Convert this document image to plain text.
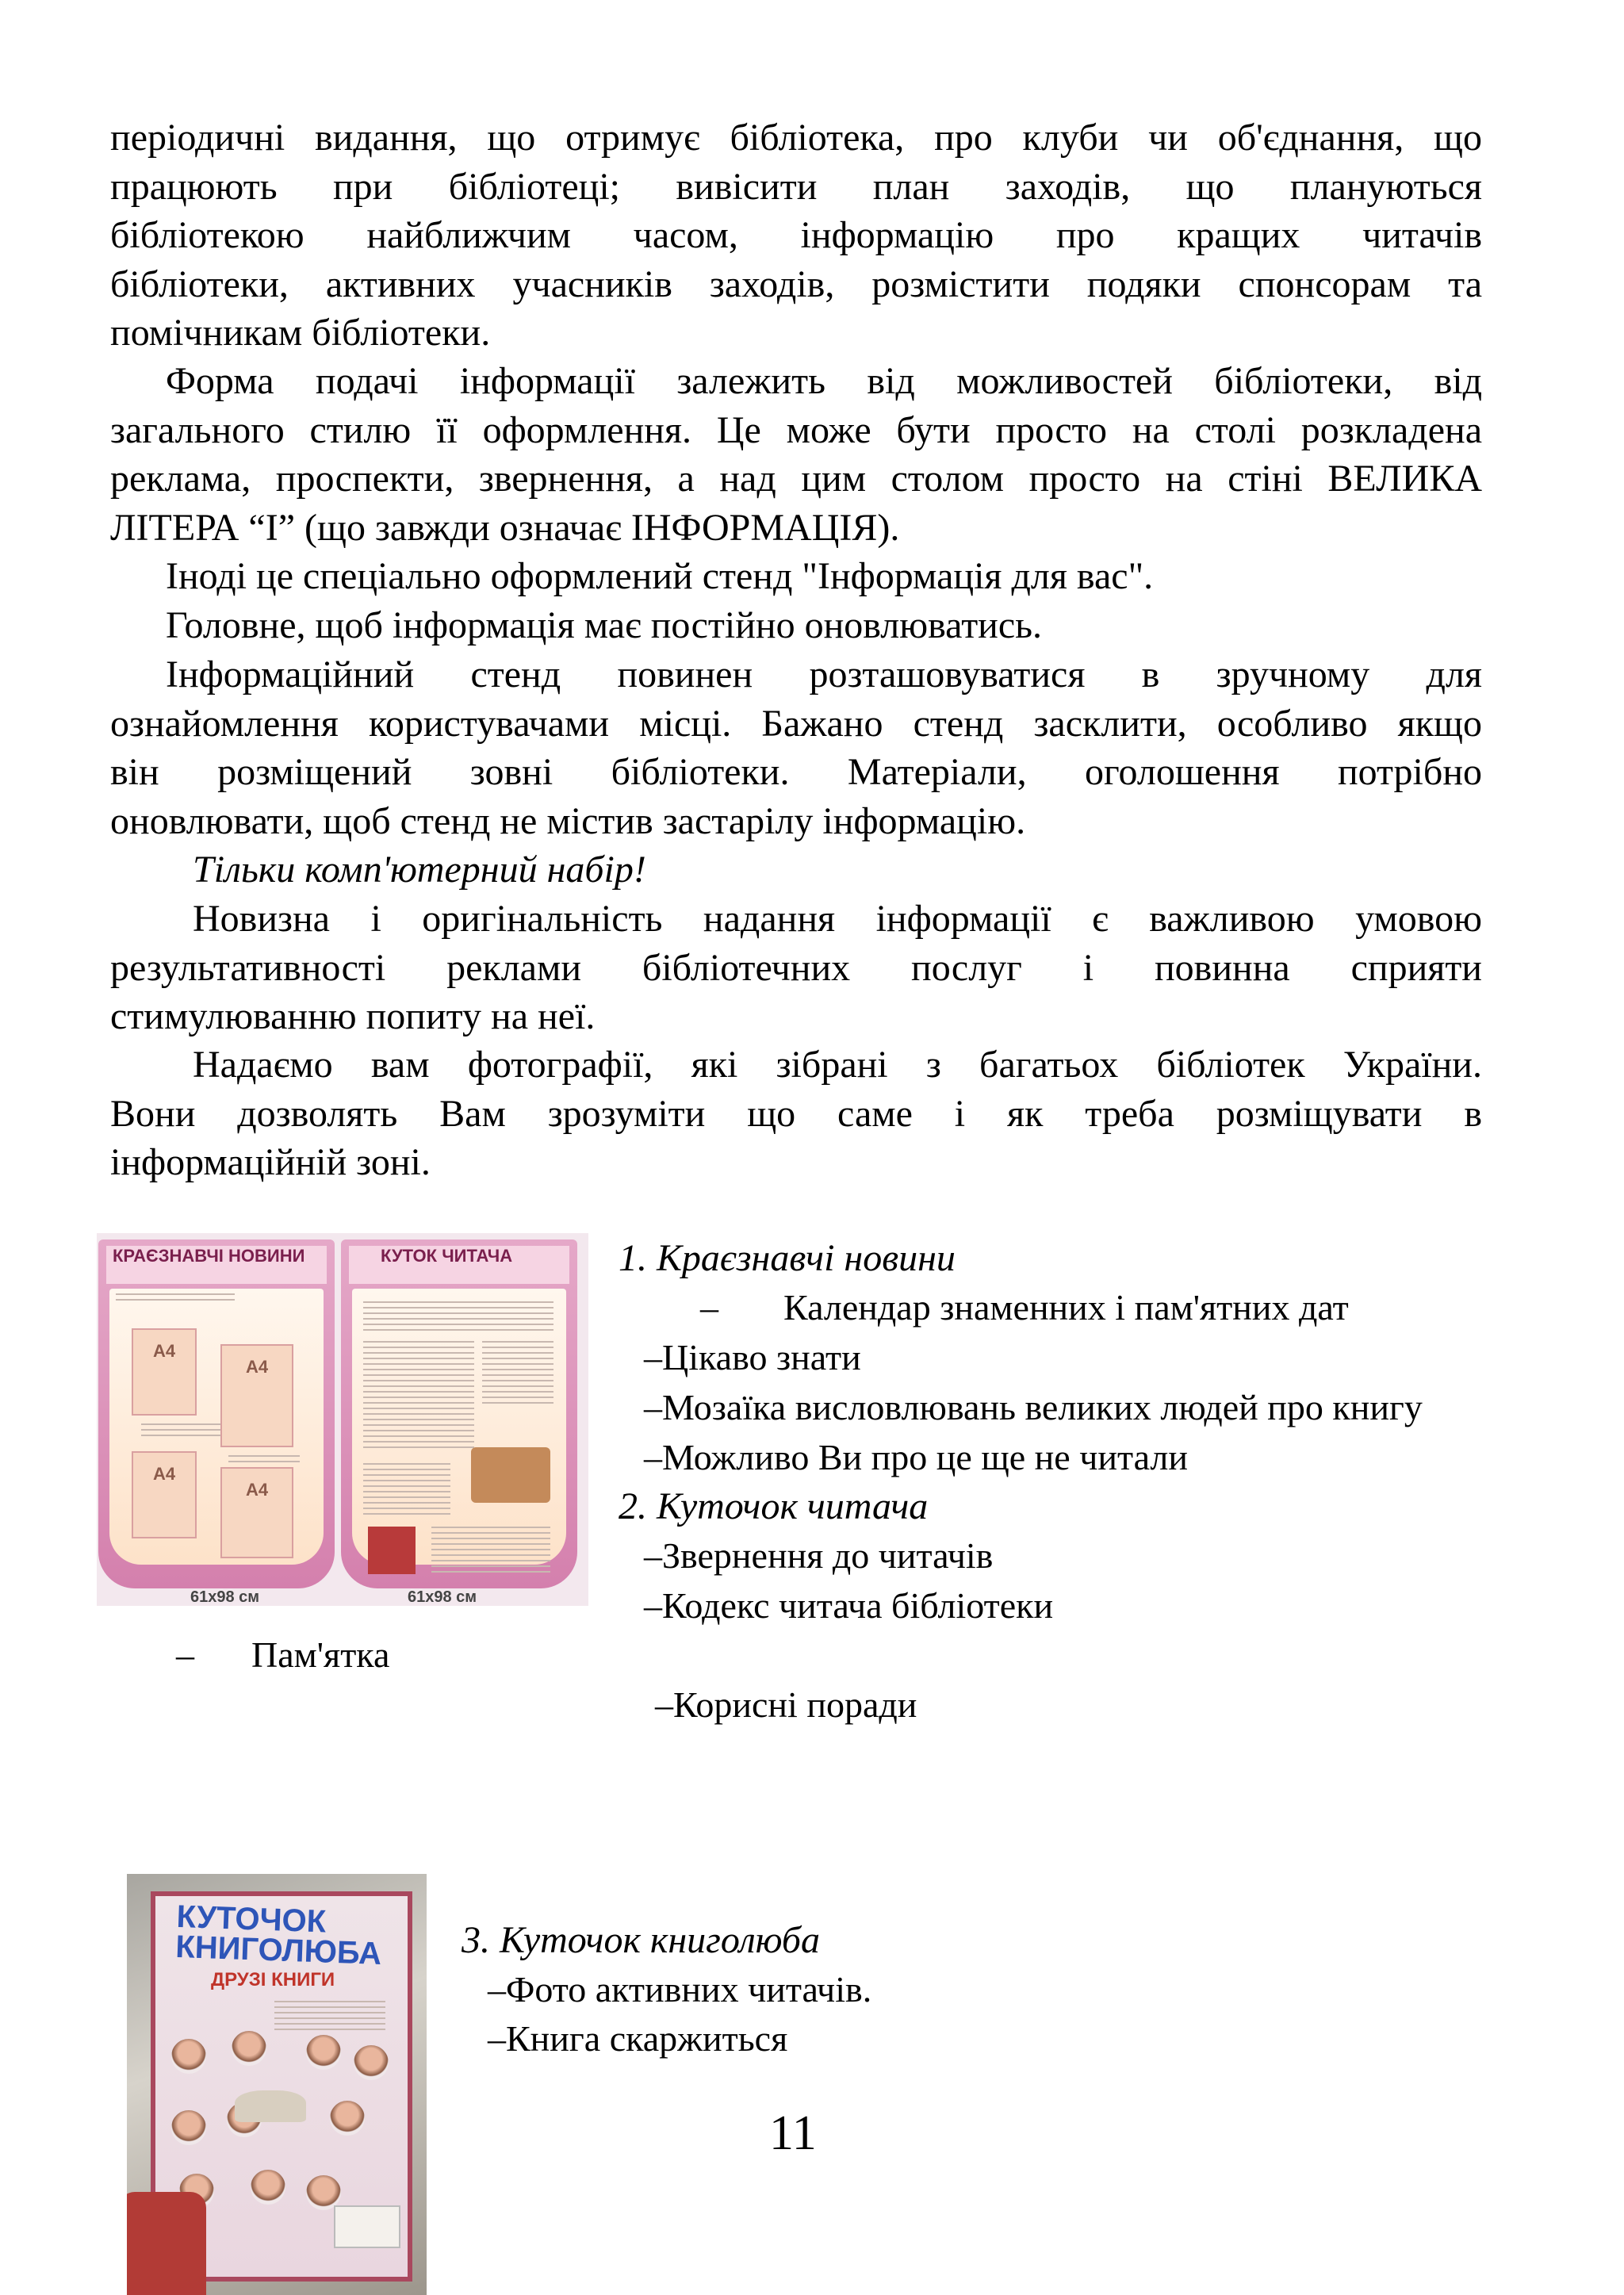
періодичні видання, що отримує бібліотека, про клуби чи об'єднання, що
працюють при бібліотеці; вивісити план заходів, що плануються
бібліотекою найближчим часом, інформацію про кращих читачів
бібліотеки, активних учасників заходів, розмістити подяки спонсорам та
помічникам бібліотеки.
Форма подачі інформації залежить від можливостей бібліотеки, від
загального стилю її оформлення. Це може бути просто на столі розкладена
реклама, проспекти, звернення, а над цим столом просто на стіні ВЕЛИКА
ЛІТЕРА “І” (що завжди означає ІНФОРМАЦІЯ).
Іноді це спеціально оформлений стенд "Інформація для вас".
Головне, щоб інформація має постійно оновлюватись.
Інформаційний стенд повинен розташовуватися в зручному для
ознайомлення користувачами місці. Бажано стенд засклити, особливо якщо
він розміщений зовні бібліотеки. Матеріали, оголошення потрібно
оновлювати, щоб стенд не містив застарілу інформацію.
Тільки комп'ютерний набір!
Новизна і оригінальність надання інформації є важливою умовою
результативності реклами бібліотечних послуг і повинна сприяти
стимулюванню попиту на неї.
Надаємо вам фотографії, які зібрані з багатьох бібліотек України.
Вони дозволять Вам зрозуміти що саме і як треба розміщувати в
інформаційній зоні.
КРАЄЗНАВЧІ НОВИНИ
А4
А4
А4
А4
КУТОК ЧИТАЧА
61х98 см	61х98 см
1. Краєзнавчі новини
– Календар знаменних і пам'ятних дат
–Цікаво знати
–Мозаїка висловлювань великих людей про книгу
–Можливо Ви про це ще не читали
2. Куточок читача
–Звернення до читачів
–Кодекс читача бібліотеки
– Пам'ятка
–Корисні поради
КУТОЧОК КНИГОЛЮБА
ДРУЗІ КНИГИ
3. Куточок книголюба
–Фото активних читачів.
–Книга скаржиться
11
